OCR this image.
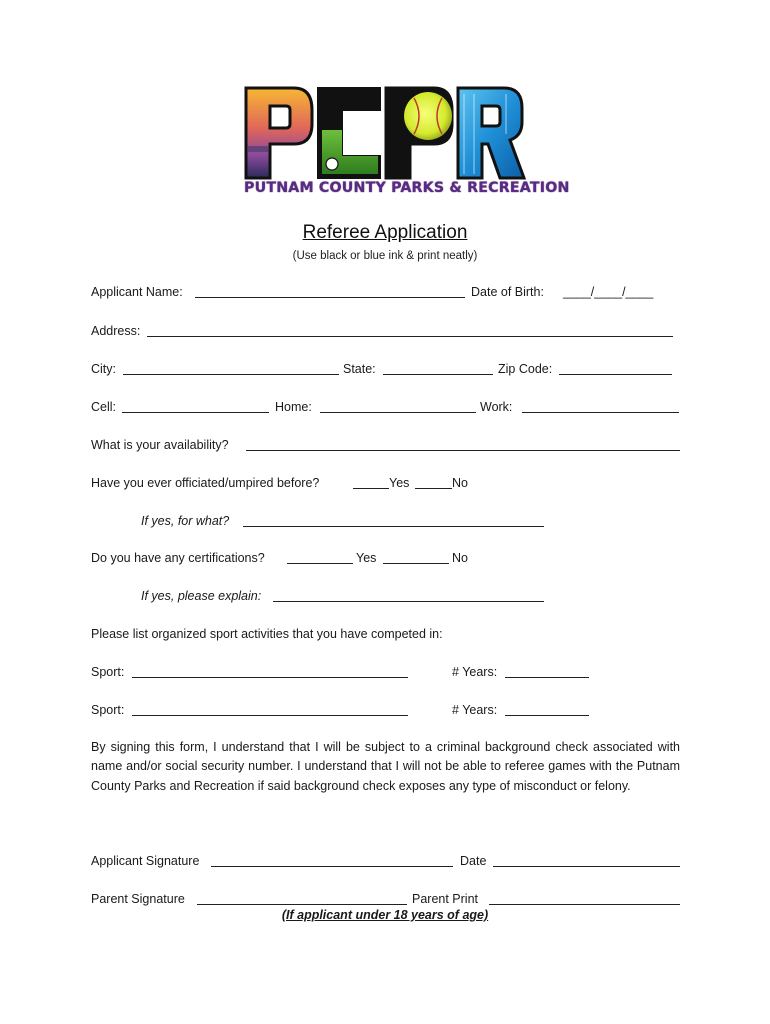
PUTNAM COUNTY PARKS & RECREATION
Referee Application
(Use black or blue ink & print neatly)
Applicant Name:	Date of Birth: ____/____/____
Address:
City:	State:	Zip Code:
Cell:	Home:	Work:
What is your availability?
Have you ever officiated/umpired before?	Yes	No
If yes, for what?
Do you have any certifications?	Yes	No
If yes, please explain:
Please list organized sport activities that you have competed in:
Sport:	# Years:
Sport:	# Years:
By signing this form, I understand that I will be subject to a criminal background check associated with name and/or social security number. I understand that I will not be able to referee games with the Putnam County Parks and Recreation if said background check exposes any type of misconduct or felony.
Applicant Signature	Date
Parent Signature	Parent Print
(If applicant under 18 years of age)
